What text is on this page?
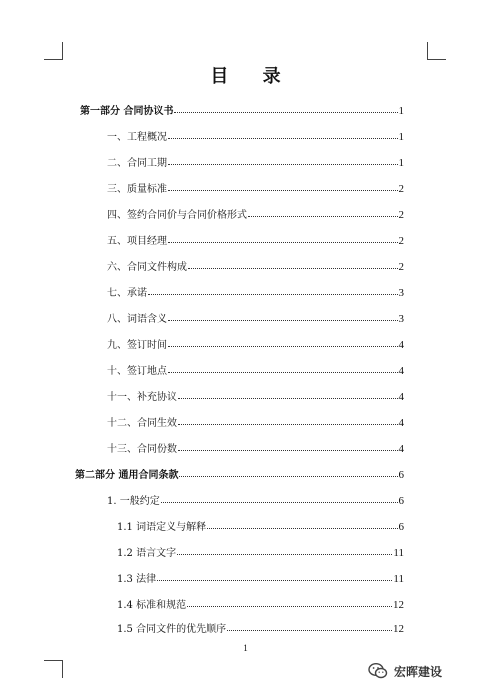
目 录
第一部分 合同协议书	1
一、工程概况	1
二、合同工期	1
三、质量标准	2
四、签约合同价与合同价格形式	2
五、项目经理	2
六、合同文件构成	2
七、承诺	3
八、词语含义	3
九、签订时间	4
十、签订地点	4
十一、补充协议	4
十二、合同生效	4
十三、合同份数	4
第二部分 通用合同条款	6
1. 一般约定	6
1.1 词语定义与解释	6
1.2 语言文字	11
1.3 法律	11
1.4 标准和规范	12
1.5 合同文件的优先顺序	12
1
宏晖建设
